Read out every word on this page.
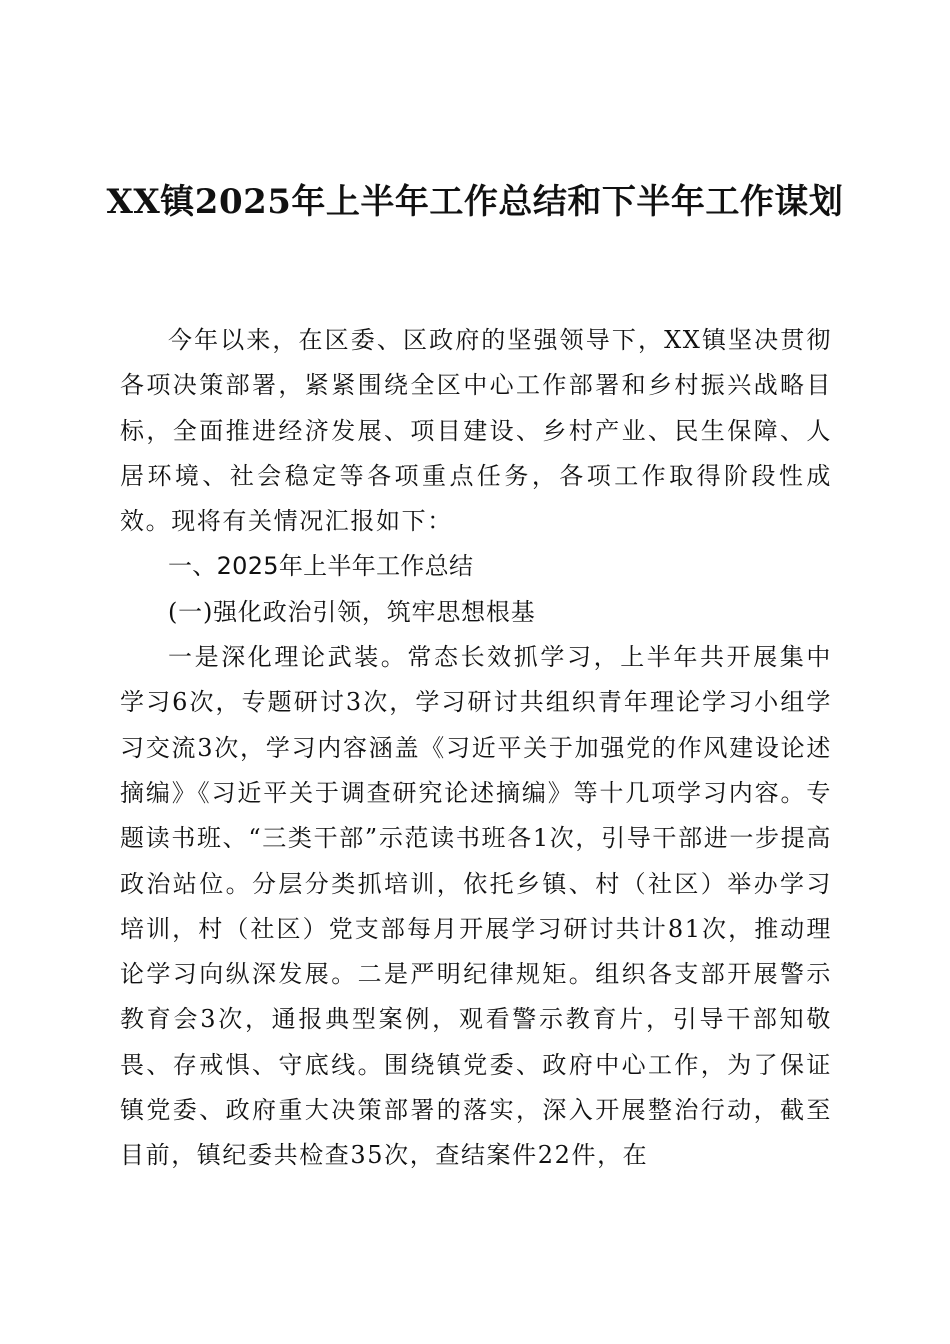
XX镇2025年上半年工作总结和下半年工作谋划

今年以来，在区委、区政府的坚强领导下，XX镇坚决贯彻各项决策部署，紧紧围绕全区中心工作部署和乡村振兴战略目标，全面推进经济发展、项目建设、乡村产业、民生保障、人居环境、社会稳定等各项重点任务，各项工作取得阶段性成效。现将有关情况汇报如下：

一、2025年上半年工作总结

(一)强化政治引领，筑牢思想根基

一是深化理论武装。常态长效抓学习，上半年共开展集中学习6次，专题研讨3次，学习研讨共组织青年理论学习小组学习交流3次，学习内容涵盖《习近平关于加强党的作风建设论述摘编》《习近平关于调查研究论述摘编》等十几项学习内容。专题读书班、“三类干部”示范读书班各1次，引导干部进一步提高政治站位。分层分类抓培训，依托乡镇、村（社区）举办学习培训，村（社区）党支部每月开展学习研讨共计81次，推动理论学习向纵深发展。二是严明纪律规矩。组织各支部开展警示教育会3次，通报典型案例，观看警示教育片，引导干部知敬畏、存戒惧、守底线。围绕镇党委、政府中心工作，为了保证镇党委、政府重大决策部署的落实，深入开展整治行动，截至目前，镇纪委共检查35次，查结案件22件，在
